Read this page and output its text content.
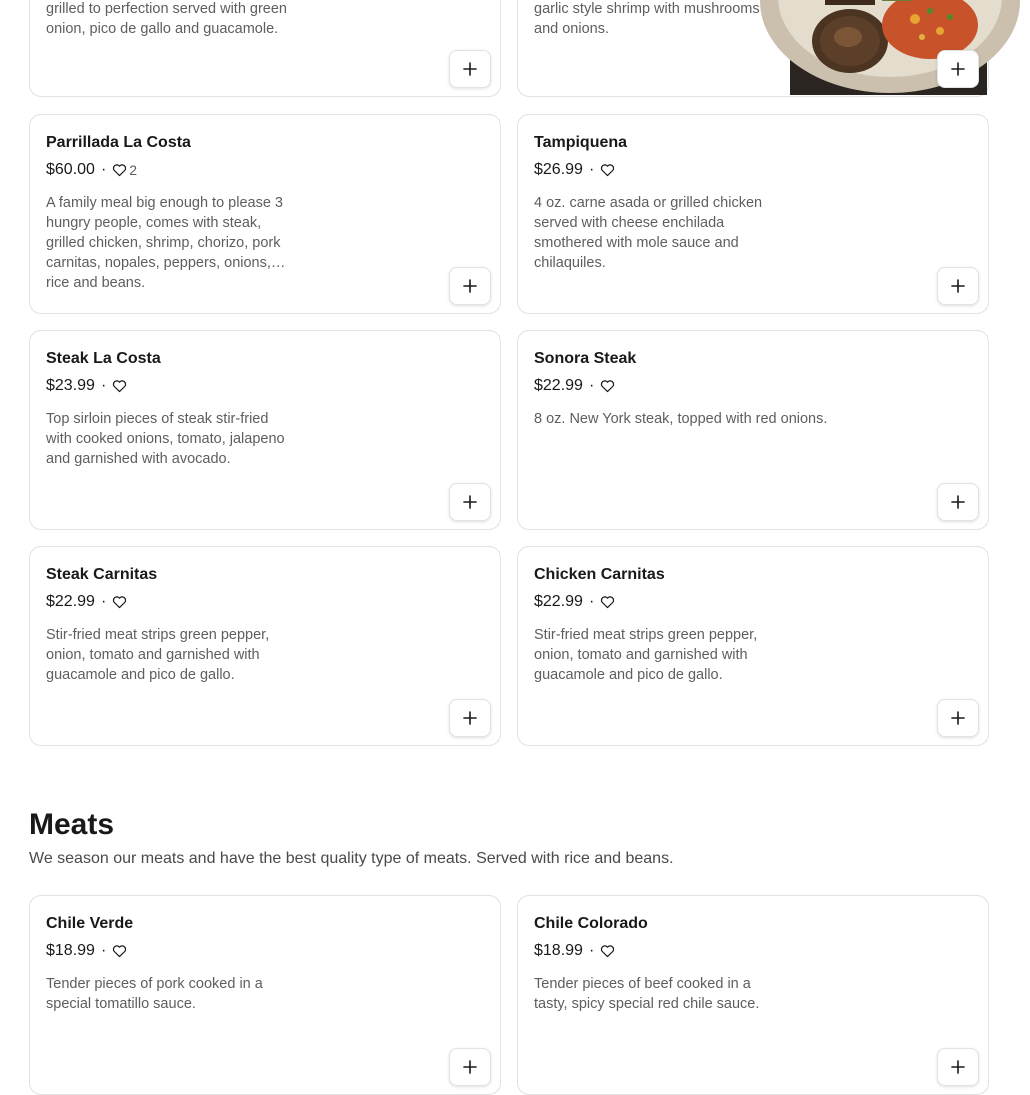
grilled to perfection served with green onion, pico de gallo and guacamole.
garlic style shrimp with mushrooms and onions.
Parrillada La Costa
$60.00 · 2
A family meal big enough to please 3 hungry people, comes with steak, grilled chicken, shrimp, chorizo, pork carnitas, nopales, peppers, onions, rice and beans.
Tampiquena
$26.99 ·
4 oz. carne asada or grilled chicken served with cheese enchilada smothered with mole sauce and chilaquiles.
Steak La Costa
$23.99 ·
Top sirloin pieces of steak stir-fried with cooked onions, tomato, jalapeno and garnished with avocado.
Sonora Steak
$22.99 ·
8 oz. New York steak, topped with red onions.
Steak Carnitas
$22.99 ·
Stir-fried meat strips green pepper, onion, tomato and garnished with guacamole and pico de gallo.
Chicken Carnitas
$22.99 ·
Stir-fried meat strips green pepper, onion, tomato and garnished with guacamole and pico de gallo.
Meats

We season our meats and have the best quality type of meats. Served with rice and beans.

Chile Verde
$18.99 ·
Tender pieces of pork cooked in a special tomatillo sauce.
Chile Colorado
$18.99 ·
Tender pieces of beef cooked in a tasty, spicy special red chile sauce.
